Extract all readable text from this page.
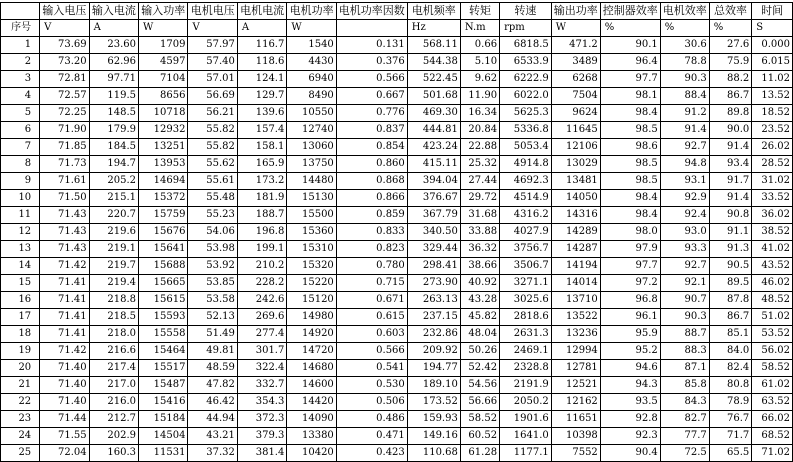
	输入电压	输入电流	输入功率	电机电压	电机电流	电机功率	电机功率因数	电机频率	转矩	转速	输出功率	控制器效率	电机效率	总效率	时间
序号	V	A	W	V	A	W		Hz	N.m	rpm	W	%	%	%	S
1	73.69	23.60	1709	57.97	116.7	1540	0.131	568.11	0.66	6818.5	471.2	90.1	30.6	27.6	0.000
2	73.20	62.96	4597	57.40	118.6	4430	0.376	544.38	5.10	6533.9	3489	96.4	78.8	75.9	6.015
3	72.81	97.71	7104	57.01	124.1	6940	0.566	522.45	9.62	6222.9	6268	97.7	90.3	88.2	11.02
4	72.57	119.5	8656	56.69	129.7	8490	0.667	501.68	11.90	6022.0	7504	98.1	88.4	86.7	13.52
5	72.25	148.5	10718	56.21	139.6	10550	0.776	469.30	16.34	5625.3	9624	98.4	91.2	89.8	18.52
6	71.90	179.9	12932	55.82	157.4	12740	0.837	444.81	20.84	5336.8	11645	98.5	91.4	90.0	23.52
7	71.85	184.5	13251	55.82	158.1	13060	0.854	423.24	22.88	5053.4	12106	98.6	92.7	91.4	26.02
8	71.73	194.7	13953	55.62	165.9	13750	0.860	415.11	25.32	4914.8	13029	98.5	94.8	93.4	28.52
9	71.61	205.2	14694	55.61	173.2	14480	0.868	394.04	27.44	4692.3	13481	98.5	93.1	91.7	31.02
10	71.50	215.1	15372	55.48	181.9	15130	0.866	376.67	29.72	4514.9	14050	98.4	92.9	91.4	33.52
11	71.43	220.7	15759	55.23	188.7	15500	0.859	367.79	31.68	4316.2	14316	98.4	92.4	90.8	36.02
12	71.43	219.6	15676	54.06	196.8	15360	0.833	340.50	33.88	4027.9	14289	98.0	93.0	91.1	38.52
13	71.43	219.1	15641	53.98	199.1	15310	0.823	329.44	36.32	3756.7	14287	97.9	93.3	91.3	41.02
14	71.42	219.7	15688	53.92	210.2	15320	0.780	298.41	38.66	3506.7	14194	97.7	92.7	90.5	43.52
15	71.41	219.4	15665	53.85	228.2	15220	0.715	273.90	40.92	3271.1	14014	97.2	92.1	89.5	46.02
16	71.41	218.8	15615	53.58	242.6	15120	0.671	263.13	43.28	3025.6	13710	96.8	90.7	87.8	48.52
17	71.41	218.5	15593	52.13	269.6	14980	0.615	237.15	45.82	2818.6	13522	96.1	90.3	86.7	51.02
18	71.41	218.0	15558	51.49	277.4	14920	0.603	232.86	48.04	2631.3	13236	95.9	88.7	85.1	53.52
19	71.42	216.6	15464	49.81	301.7	14720	0.566	209.92	50.26	2469.1	12994	95.2	88.3	84.0	56.02
20	71.40	217.4	15517	48.59	322.4	14680	0.541	194.77	52.42	2328.8	12781	94.6	87.1	82.4	58.52
21	71.40	217.0	15487	47.82	332.7	14600	0.530	189.10	54.56	2191.9	12521	94.3	85.8	80.8	61.02
22	71.40	216.0	15416	46.42	354.3	14420	0.506	173.52	56.66	2050.2	12162	93.5	84.3	78.9	63.52
23	71.44	212.7	15184	44.94	372.3	14090	0.486	159.93	58.52	1901.6	11651	92.8	82.7	76.7	66.02
24	71.55	202.9	14504	43.21	379.3	13380	0.471	149.16	60.52	1641.0	10398	92.3	77.7	71.7	68.52
25	72.04	160.3	11531	37.32	381.4	10420	0.423	110.68	61.28	1177.1	7552	90.4	72.5	65.5	71.02
